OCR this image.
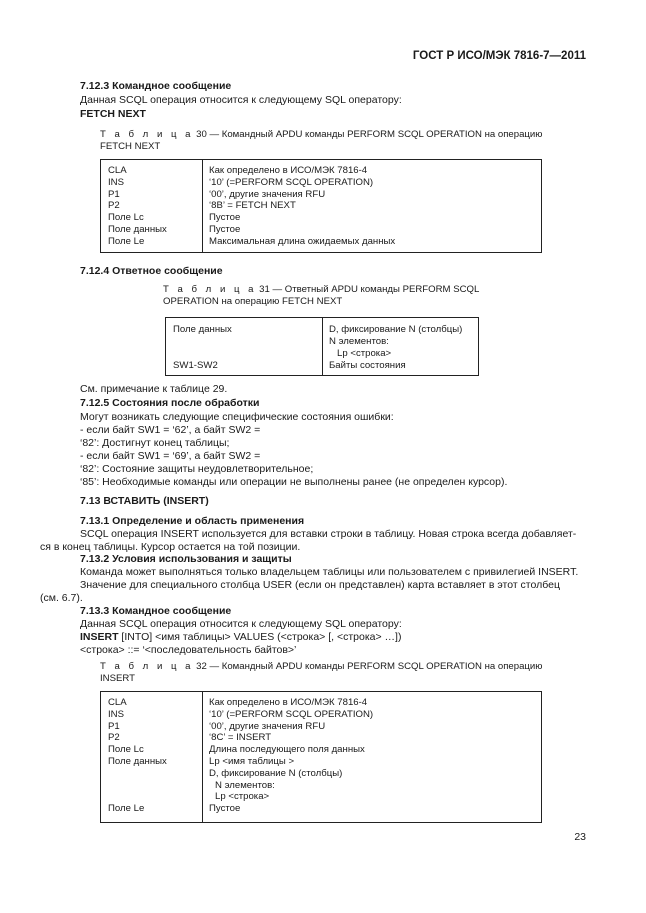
ГОСТ Р ИСО/МЭК 7816-7—2011
7.12.3 Командное сообщение
Данная SCQL операция относится к следующему SQL оператору:
FETCH NEXT
Т а б л и ц а 30 — Командный APDU команды PERFORM SCQL OPERATION на операцию
FETCH NEXT
CLA
INS
P1
P2
Поле Lc
Поле данных
Поле Le
Как определено в ИСО/МЭК 7816-4
‘10’ (=PERFORM SCQL OPERATION)
‘00’, другие значения RFU
‘8B’ = FETCH NEXT
Пустое
Пустое
Максимальная длина ожидаемых данных
7.12.4 Ответное сообщение
Т а б л и ц а 31 — Ответный APDU команды PERFORM SCQL
OPERATION на операцию FETCH NEXT
Поле данных	D, фиксирование N (столбцы)
N элементов:
Lp <строка>
SW1-SW2	Байты состояния
См. примечание к таблице 29.
7.12.5 Состояния после обработки
Могут возникать следующие специфические состояния ошибки:
- если байт SW1 = ‘62’, а байт SW2 =
‘82’: Достигнут конец таблицы;
- если байт SW1 = ‘69’, а байт SW2 =
‘82’: Состояние защиты неудовлетворительное;
‘85’: Необходимые команды или операции не выполнены ранее (не определен курсор).
7.13 ВСТАВИТЬ (INSERT)
7.13.1 Определение и область применения
SCQL операция INSERT используется для вставки строки в таблицу. Новая строка всегда добавляет-
ся в конец таблицы. Курсор остается на той позиции.
7.13.2 Условия использования и защиты
Команда может выполняться только владельцем таблицы или пользователем с привилегией INSERT.
Значение для специального столбца USER (если он представлен) карта вставляет в этот столбец
(см. 6.7).
7.13.3 Командное сообщение
Данная SCQL операция относится к следующему SQL оператору:
INSERT [INTO] <имя таблицы> VALUES (<строка> [, <строка> …])
<строка> ::= ‘<последовательность байтов>’
Т а б л и ц а 32 — Командный APDU команды PERFORM SCQL OPERATION на операцию
INSERT
CLA
INS
P1
P2
Поле Lc
Поле данных
Поле Le
Как определено в ИСО/МЭК 7816-4
‘10’ (=PERFORM SCQL OPERATION)
‘00’, другие значения RFU
‘8C’ = INSERT
Длина последующего поля данных
Lp <имя таблицы >
D, фиксирование N (столбцы)
N элементов:
Lp <строка>
Пустое
23
